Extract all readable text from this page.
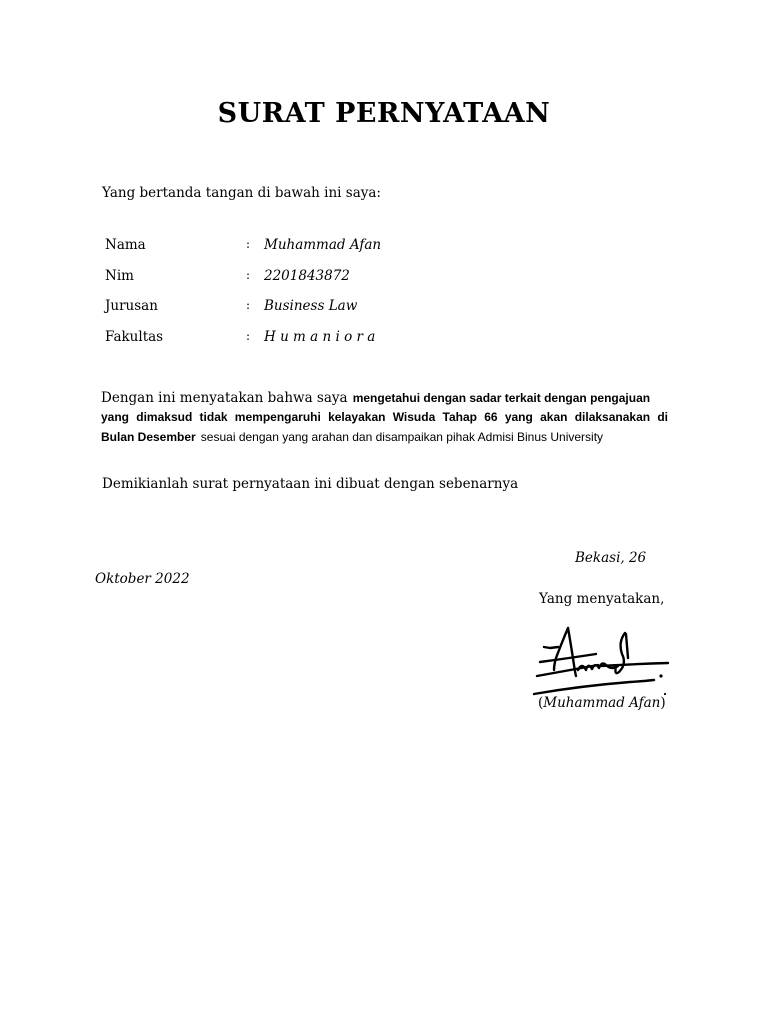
SURAT PERNYATAAN
Yang bertanda tangan di bawah ini saya:
Nama	: Muhammad Afan
Nim	: 2201843872
Jurusan	: Business Law
Fakultas	: H u m a n i o r a
Dengan ini menyatakan bahwa saya mengetahui dengan sadar terkait dengan pengajuan
yang dimaksud tidak mempengaruhi kelayakan Wisuda Tahap 66 yang akan dilaksanakan di
Bulan Desember sesuai dengan yang arahan dan disampaikan pihak Admisi Binus University
Demikianlah surat pernyataan ini dibuat dengan sebenarnya
Bekasi, 26
Oktober 2022
Yang menyatakan,
(Muhammad Afan)
